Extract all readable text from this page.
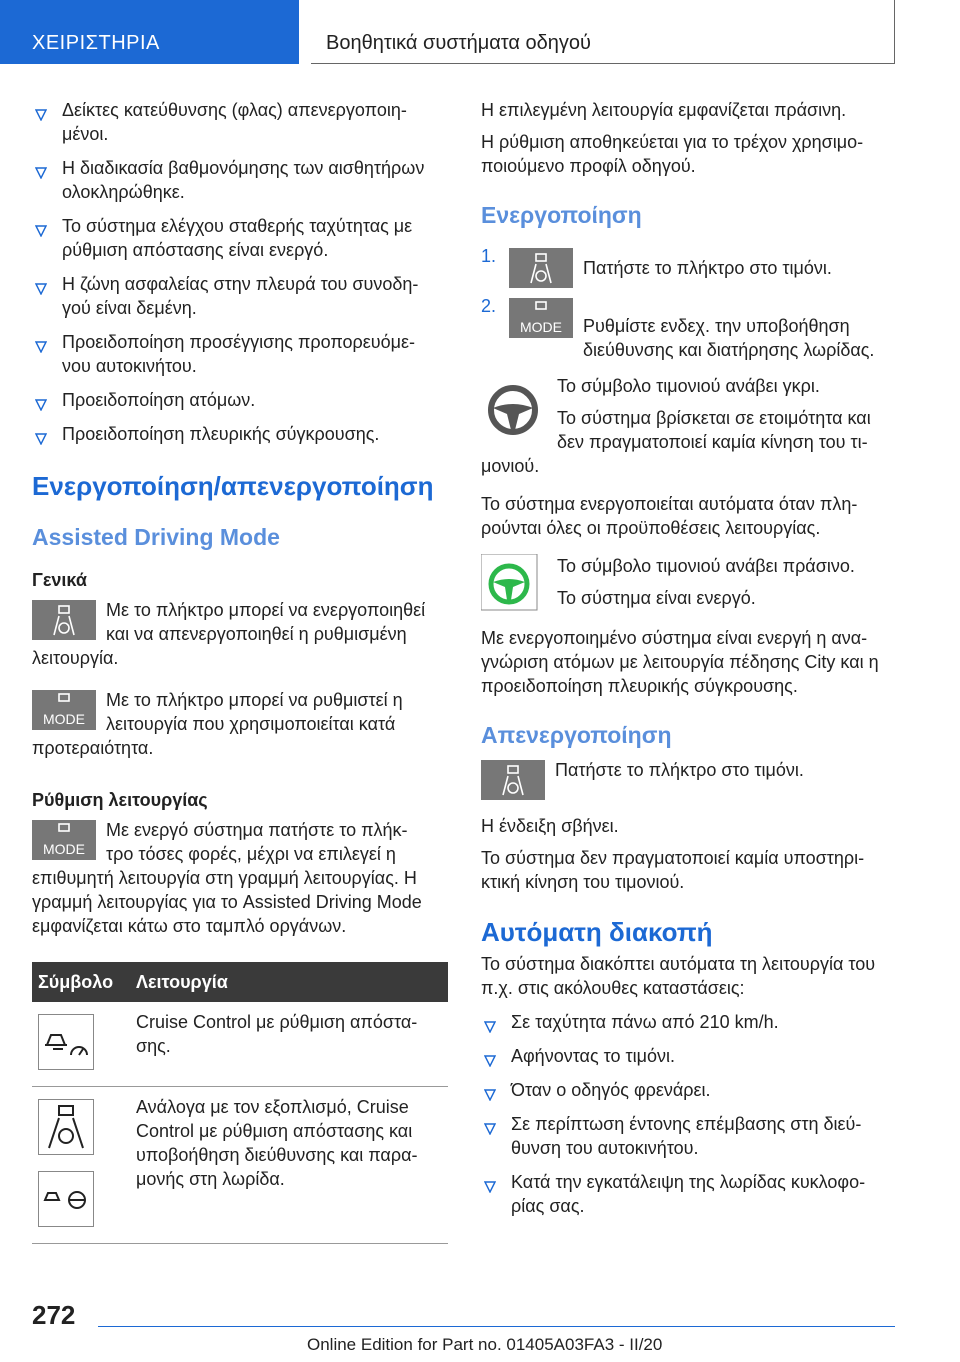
ΧΕΙΡΙΣΤΗΡΙΑ	Βοηθητικά συστήματα οδηγού
Δείκτες κατεύθυνσης (φλας) απενεργοποιη-
μένοι.
Η διαδικασία βαθμονόμησης των αισθητήρων ολοκληρώθηκε.
Το σύστημα ελέγχου σταθερής ταχύτητας με ρύθμιση απόστασης είναι ενεργό.
Η ζώνη ασφαλείας στην πλευρά του συνοδη-
γού είναι δεμένη.
Προειδοποίηση προσέγγισης προπορευόμε-
νου αυτοκινήτου.
Προειδοποίηση ατόμων.
Προειδοποίηση πλευρικής σύγκρουσης.
Ενεργοποίηση/απενεργοποίηση
Assisted Driving Mode
Γενικά

Με το πλήκτρο μπορεί να ενεργοποιηθεί και να απενεργοποιηθεί η ρυθμισμένη λειτουργία.

MODE

Με το πλήκτρο μπορεί να ρυθμιστεί η λειτουργία που χρησιμοποιείται κατά προτεραιότητα.

Ρύθμιση λειτουργίας
MODE

Με ενεργό σύστημα πατήστε το πλήκ-
τρο τόσες φορές, μέχρι να επιλεγεί η επιθυμητή λειτουργία στη γραμμή λειτουργίας. Η γραμμή λειτουργίας για το Assisted Driving Mode εμφανίζεται κάτω στο ταμπλό οργάνων.

Σύμβολο	Λειτουργία

	Cruise Control με ρύθμιση απόστα-
σης.

	Ανάλογα με τον εξοπλισμό, Cruise Control με ρύθμιση απόστασης και υποβοήθηση διεύθυνσης και παρα-
μονής στη λωρίδα.

Η επιλεγμένη λειτουργία εμφανίζεται πράσινη.

Η ρύθμιση αποθηκεύεται για το τρέχον χρησιμο-
ποιούμενο προφίλ οδηγού.

Ενεργοποίηση
1.

Πατήστε το πλήκτρο στο τιμόνι.

2.
MODE	Ρυθμίστε ενδεχ. την υποβοήθηση διεύθυνσης και διατήρησης λωρίδας.

Το σύμβολο τιμονιού ανάβει γκρι.

Το σύστημα βρίσκεται σε ετοιμότητα και δεν πραγματοποιεί καμία κίνηση του τι-
μονιού.

Το σύστημα ενεργοποιείται αυτόματα όταν πλη-
ρούνται όλες οι προϋποθέσεις λειτουργίας.

Το σύμβολο τιμονιού ανάβει πράσινο.

Το σύστημα είναι ενεργό.

Με ενεργοποιημένο σύστημα είναι ενεργή η ανα-
γνώριση ατόμων με λειτουργία πέδησης City και η προειδοποίηση πλευρικής σύγκρουσης.

Απενεργοποίηση

Πατήστε το πλήκτρο στο τιμόνι.

Η ένδειξη σβήνει.

Το σύστημα δεν πραγματοποιεί καμία υποστηρι-
κτική κίνηση του τιμονιού.

Αυτόματη διακοπή

Το σύστημα διακόπτει αυτόματα τη λειτουργία του π.χ. στις ακόλουθες καταστάσεις:

Σε ταχύτητα πάνω από 210 km/h.
Αφήνοντας το τιμόνι.
Όταν ο οδηγός φρενάρει.
Σε περίπτωση έντονης επέμβασης στη διεύ-
θυνση του αυτοκινήτου.
Κατά την εγκατάλειψη της λωρίδας κυκλοφο-
ρίας σας.
272
Online Edition for Part no. 01405A03FA3 - II/20
